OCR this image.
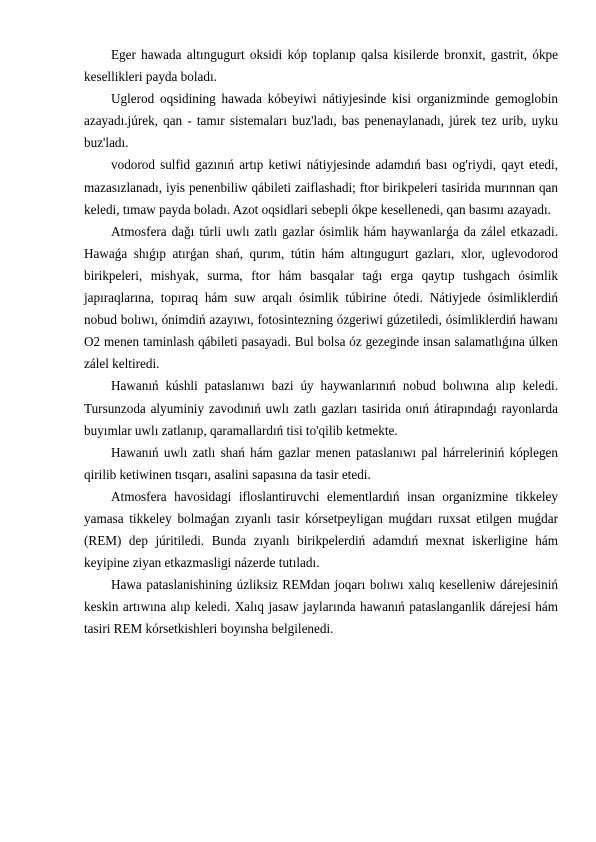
Eger hawada altıngugurt oksidi kóp toplanıp qalsa kisilerde bronxit, gastrit, ókpe kesellikleri payda boladı.

Uglerod oqsidining hawada kóbeyiwi nátiyjesinde kisi organizminde gemoglobin azayadı.júrek, qan - tamır sistemaları buz'ladı, bas penenaylanadı, júrek tez urib, uyku buz'ladı.

vodorod sulfid gazınıń artıp ketiwi nátiyjesinde adamdıń bası og'riydi, qayt etedi, mazasızlanadı, iyis penenbiliw qábileti zaiflashadi; ftor birikpeleri tasirida murınnan qan keledi, tımaw payda boladı. Azot oqsidlari sebepli ókpe kesellenedi, qan basımı azayadı.

Atmosfera dağı túrli uwlı zatlı gazlar ósimlik hám haywanlarǵa da zálel etkazadi. Hawaǵa shıǵıp atırǵan shań, qurım, tútin hám altıngugurt gazları, xlor, uglevodorod birikpeleri, mishyak, surma, ftor hám basqalar taǵı erga qaytıp tushgach ósimlik japıraqlarına, topıraq hám suw arqalı ósimlik túbirine ótedi. Nátiyjede ósimliklerdiń nobud bolıwı, ónimdiń azayıwı, fotosintezning ózgeriwi gúzetiledi, ósimliklerdiń hawanı O2 menen taminlash qábileti pasayadi. Bul bolsa óz gezeginde insan salamatlıǵına úlken zálel keltiredi.

Hawanıń kúshli pataslanıwı bazi úy haywanlarınıń nobud bolıwına alıp keledi. Tursunzoda alyuminiy zavodınıń uwlı zatlı gazları tasirida onıń átirapındaǵı rayonlarda buyımlar uwlı zatlanıp, qaramallardıń tisi to'qilib ketmekte.

Hawanıń uwlı zatlı shań hám gazlar menen pataslanıwı pal hárreleriniń kóplegen qirilib ketiwinen tısqarı, asalini sapasına da tasir etedi.

Atmosfera havosidagi ifloslantiruvchi elementlardıń insan organizmine tikkeley yamasa tikkeley bolmaǵan zıyanlı tasir kórsetpeyligan muǵdarı ruxsat etilgen muǵdar (REM) dep júritiledi. Bunda zıyanlı birikpelerdiń adamdıń mexnat iskerligine hám keyipine ziyan etkazmasligi názerde tutıladı.

Hawa pataslanishining úzliksiz REMdan joqarı bolıwı xalıq keselleniw dárejesiniń keskin artıwına alıp keledi. Xalıq jasaw jaylarında hawanıń pataslanganlik dárejesi hám tasiri REM kórsetkishleri boyınsha belgilenedi.
